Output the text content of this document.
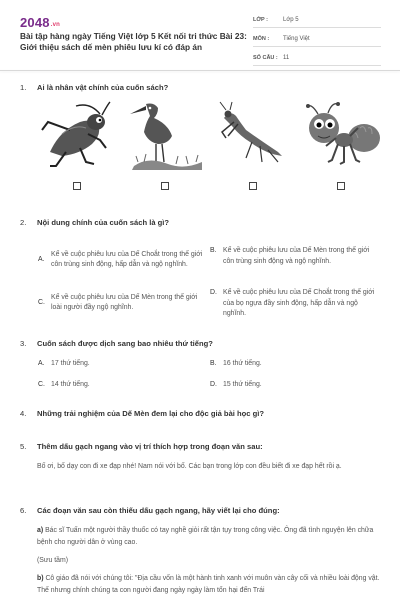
2048.vn
Bài tập hàng ngày Tiếng Việt lớp 5 Kết nối tri thức Bài 23: Giới thiệu sách dế mèn phiêu lưu kí có đáp án
LỚP :	Lớp 5
MÔN :	Tiếng Việt
SỐ CÂU : 11
1.	Ai là nhân vật chính của cuốn sách?
2.	Nội dung chính của cuốn sách là gì?
A.
Kể về cuộc phiêu lưu của Dế Choắt trong thế giới côn trùng sinh động, hấp dẫn và ngộ nghĩnh.
B. Kể về cuộc phiêu lưu của Dế Mèn trong thế giới côn trùng sinh động và ngộ nghĩnh.
C.
Kể về cuộc phiêu lưu của Dế Mèn trong thế giới loài người đầy ngộ nghĩnh.
D. Kể về cuộc phiêu lưu của Dế Choắt trong thế giới của bọ ngựa đầy sinh động, hấp dẫn và ngộ nghĩnh.
3.	Cuốn sách được dịch sang bao nhiêu thứ tiếng?
A. 17 thứ tiếng.	B. 16 thứ tiếng.
C. 14 thứ tiếng.	D. 15 thứ tiếng.
4.	Những trải nghiệm của Dế Mèn đem lại cho độc giả bài học gì?
5.	Thêm dấu gạch ngang vào vị trí thích hợp trong đoạn văn sau:
Bố ơi, bố dạy con đi xe đạp nhé! Nam nói với bố. Các bạn trong lớp con đều biết đi xe đạp hết rồi ạ.
6.	Các đoạn văn sau còn thiếu dấu gạch ngang, hãy viết lại cho đúng:
a) Bác sĩ Tuấn một người thầy thuốc có tay nghề giỏi rất tận tụy trong công việc. Ông đã tình nguyện lên chữa bệnh cho người dân ở vùng cao.
(Sưu tầm)
b) Cô giáo đã nói với chúng tôi: "Địa cầu vốn là một hành tinh xanh với muôn vàn cây cối và nhiều loài động vật. Thế nhưng chính chúng ta con người đang ngày ngày làm tổn hại đến Trái
